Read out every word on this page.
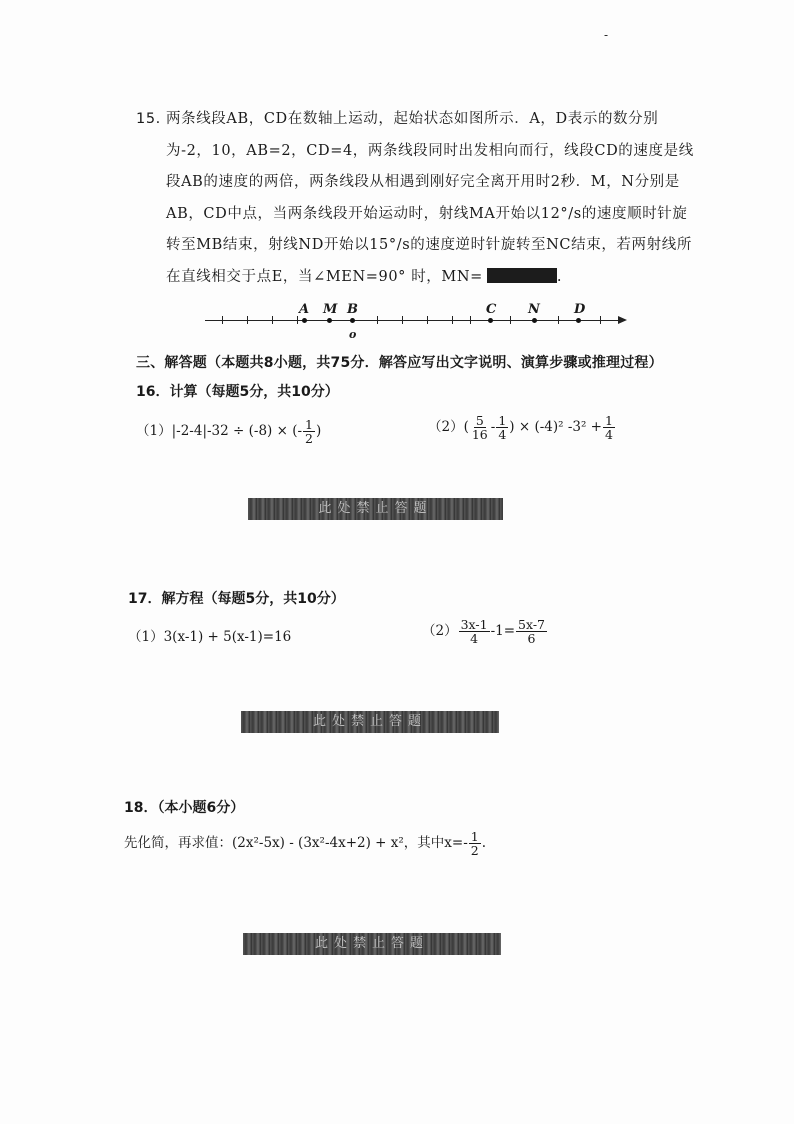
-
15. 两条线段AB，CD在数轴上运动，起始状态如图所示．A，D表示的数分别
为-2，10，AB=2，CD=4，两条线段同时出发相向而行，线段CD的速度是线
段AB的速度的两倍，两条线段从相遇到刚好完全离开用时2秒．M，N分别是
AB，CD中点，当两条线段开始运动时，射线MA开始以12°/s的速度顺时针旋
转至MB结束，射线ND开始以15°/s的速度逆时针旋转至NC结束，若两射线所
在直线相交于点E，当∠MEN=90° 时，MN=	.
A M B	C N	D
o
三、解答题（本题共8小题，共75分．解答应写出文字说明、演算步骤或推理过程）
16．计算（每题5分，共10分）
（1）|-2-4|-32 ÷ (-8) × (- $\frac{1}{2}$ )	$(2)( \frac{5}{16} - \frac{1}{4}$ ) × (-4)² $-3^2 + \frac{1}{4}$
此处禁止答题
17．解方程（每题5分，共10分）
（1）3(x-1) + 5(x-1)=16	$(2) \frac{3x-1}{4} -1= \frac{5x-7}{6}$
此处禁止答题
18．（本小题6分）
先化简，再求值：(2x²-5x) - (3x²-4x+2) + x²，其中$x=- \frac{1}{2}$ .
此处禁止答题
